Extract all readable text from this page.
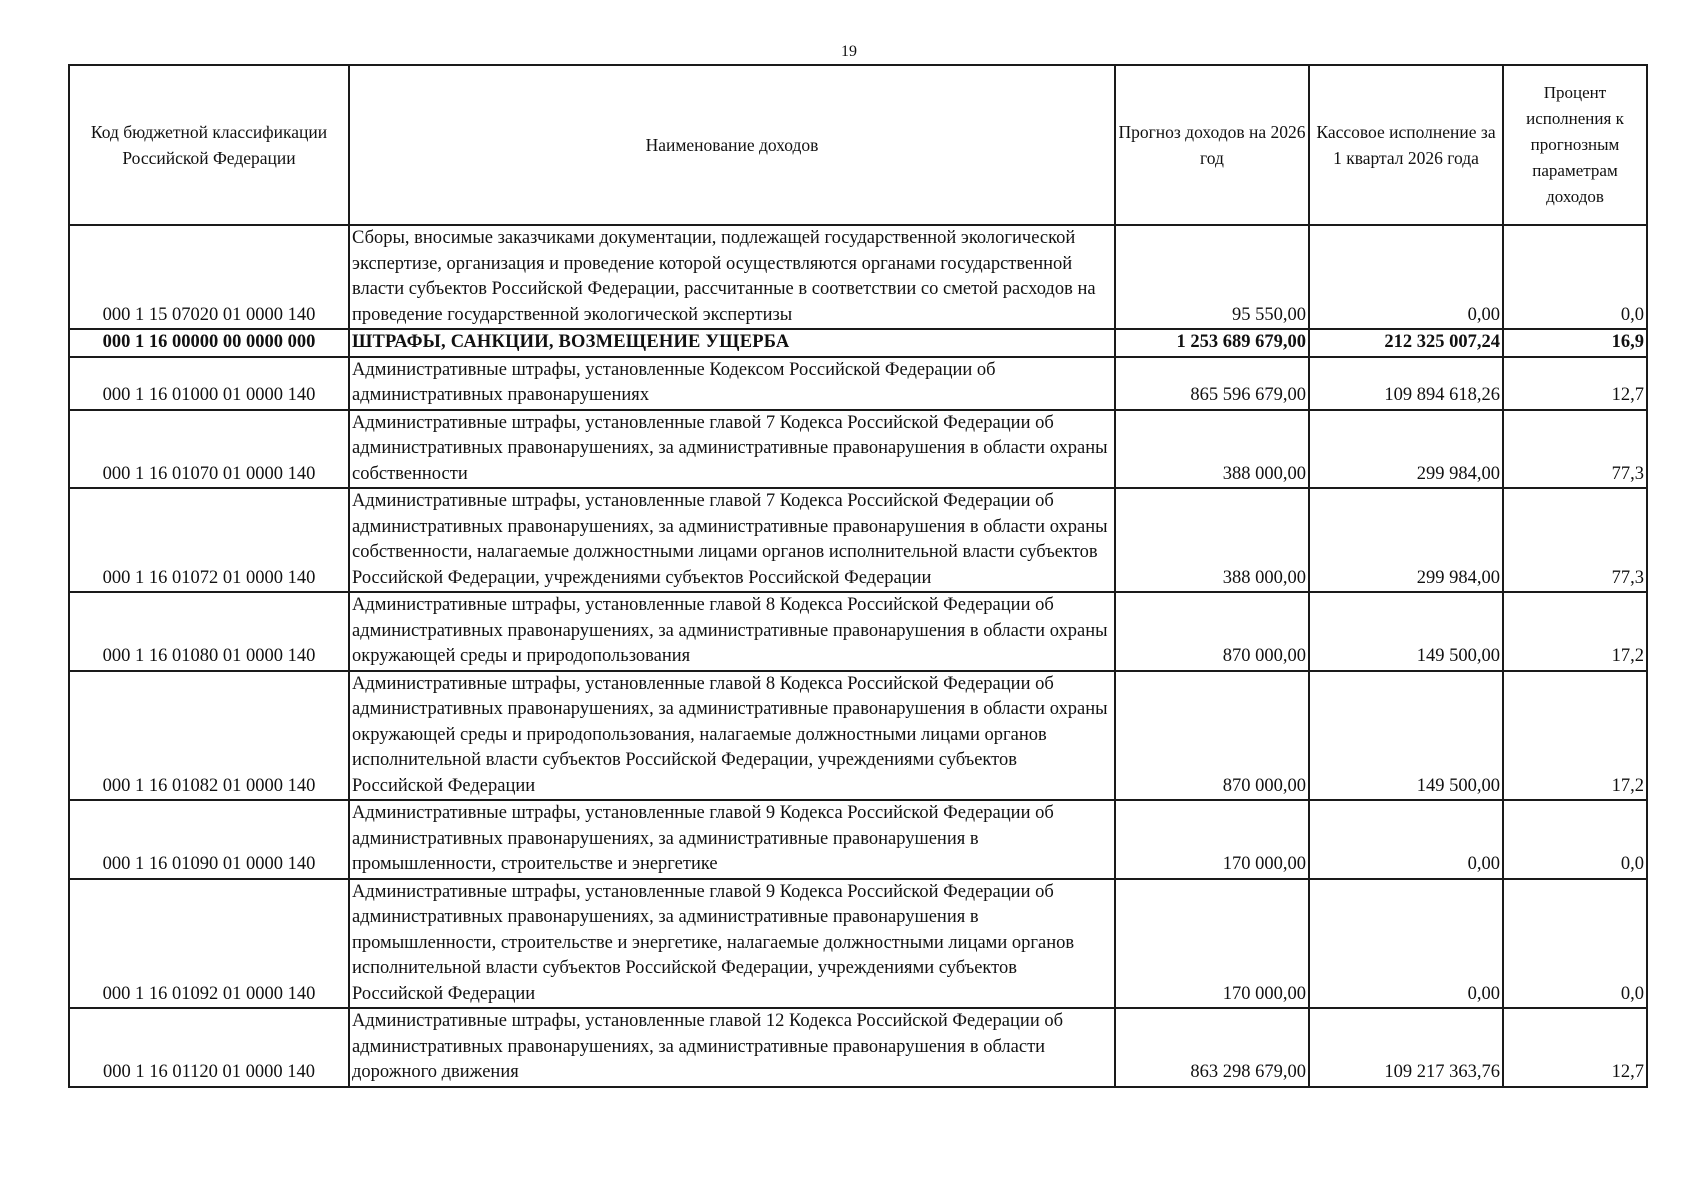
19
Код бюджетной классификации Российской Федерации	Наименование доходов	Прогноз доходов на 2026 год	Кассовое исполнение за 1 квартал 2026 года	Процент исполнения к прогнозным параметрам доходов
000 1 15 07020 01 0000 140	Сборы, вносимые заказчиками документации, подлежащей государственной экологической экспертизе, организация и проведение которой осуществляются органами государственной власти субъектов Российской Федерации, рассчитанные в соответствии со сметой расходов на проведение государственной экологической экспертизы	95 550,00	0,00	0,0
000 1 16 00000 00 0000 000	ШТРАФЫ, САНКЦИИ, ВОЗМЕЩЕНИЕ УЩЕРБА	1 253 689 679,00	212 325 007,24	16,9
000 1 16 01000 01 0000 140	Административные штрафы, установленные Кодексом Российской Федерации об административных правонарушениях	865 596 679,00	109 894 618,26	12,7
000 1 16 01070 01 0000 140	Административные штрафы, установленные главой 7 Кодекса Российской Федерации об административных правонарушениях, за административные правонарушения в области охраны собственности	388 000,00	299 984,00	77,3
000 1 16 01072 01 0000 140	Административные штрафы, установленные главой 7 Кодекса Российской Федерации об административных правонарушениях, за административные правонарушения в области охраны собственности, налагаемые должностными лицами органов исполнительной власти субъектов Российской Федерации, учреждениями субъектов Российской Федерации	388 000,00	299 984,00	77,3
000 1 16 01080 01 0000 140	Административные штрафы, установленные главой 8 Кодекса Российской Федерации об административных правонарушениях, за административные правонарушения в области охраны окружающей среды и природопользования	870 000,00	149 500,00	17,2
000 1 16 01082 01 0000 140	Административные штрафы, установленные главой 8 Кодекса Российской Федерации об административных правонарушениях, за административные правонарушения в области охраны окружающей среды и природопользования, налагаемые должностными лицами органов исполнительной власти субъектов Российской Федерации, учреждениями субъектов Российской Федерации	870 000,00	149 500,00	17,2
000 1 16 01090 01 0000 140	Административные штрафы, установленные главой 9 Кодекса Российской Федерации об административных правонарушениях, за административные правонарушения в промышленности, строительстве и энергетике	170 000,00	0,00	0,0
000 1 16 01092 01 0000 140	Административные штрафы, установленные главой 9 Кодекса Российской Федерации об административных правонарушениях, за административные правонарушения в промышленности, строительстве и энергетике, налагаемые должностными лицами органов исполнительной власти субъектов Российской Федерации, учреждениями субъектов Российской Федерации	170 000,00	0,00	0,0
000 1 16 01120 01 0000 140	Административные штрафы, установленные главой 12 Кодекса Российской Федерации об административных правонарушениях, за административные правонарушения в области дорожного движения	863 298 679,00	109 217 363,76	12,7
